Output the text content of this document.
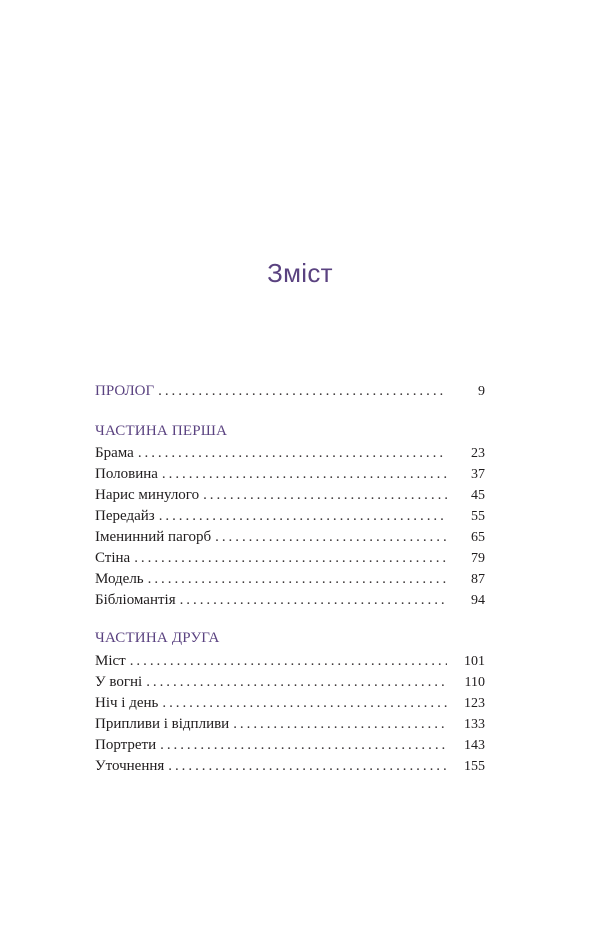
Зміст
ПРОЛОГ . . .	9
ЧАСТИНА ПЕРША
Брама . . .	23
Половина . . .	37
Нарис минулого . . .	45
Передайз . . .	55
Іменинний пагорб . . .	65
Стіна . . .	79
Модель . . .	87
Бібліомантія . . .	94
ЧАСТИНА ДРУГА
Міст . . .	101
У вогні . . .	110
Ніч і день . . .	123
Припливи і відпливи . . .	133
Портрети . . .	143
Уточнення . . .	155
